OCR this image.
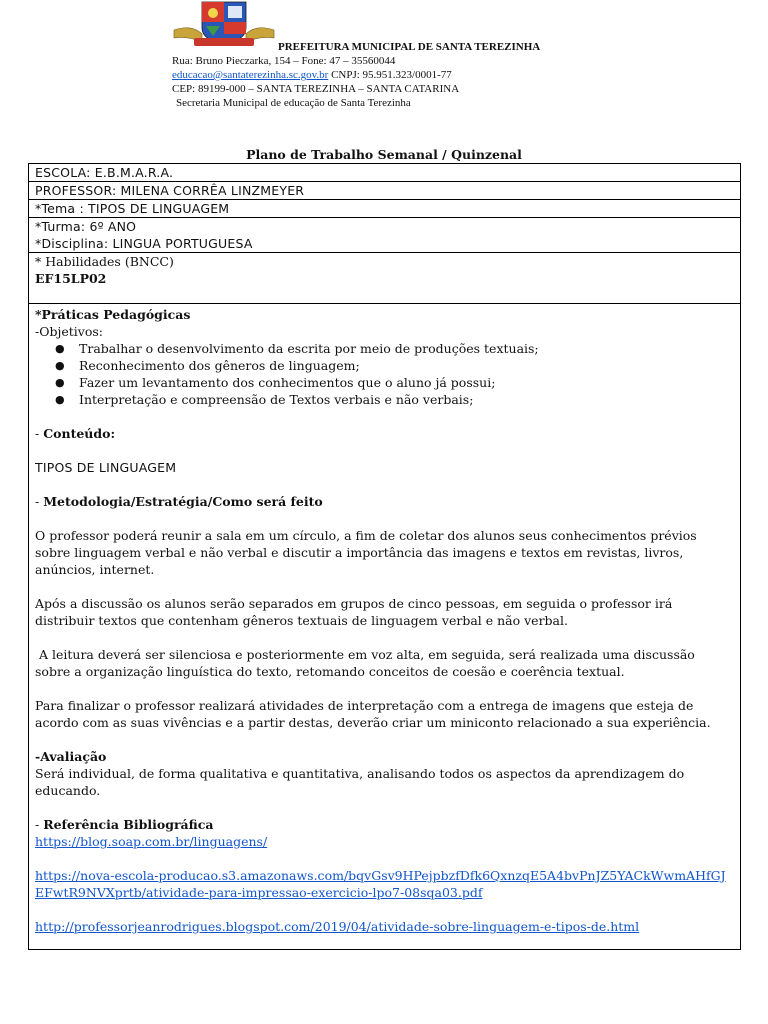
PREFEITURA MUNICIPAL DE SANTA TEREZINHA
Rua: Bruno Pieczarka, 154 – Fone: 47 – 35560044
educacao@santaterezinha.sc.gov.br CNPJ: 95.951.323/0001-77
CEP: 89199-000 – SANTA TEREZINHA – SANTA CATARINA
Secretaria Municipal de educação de Santa Terezinha
Plano de Trabalho Semanal / Quinzenal
ESCOLA: E.B.M.A.R.A.
PROFESSOR: MILENA CORRÊA LINZMEYER
*Tema : TIPOS DE LINGUAGEM

*Turma: 6º ANO
*Disciplina: LINGUA PORTUGUESA

* Habilidades (BNCC)
EF15LP02

*Práticas Pedagógicas
-Objetivos:
● Trabalhar o desenvolvimento da escrita por meio de produções textuais;
● Reconhecimento dos gêneros de linguagem;
● Fazer um levantamento dos conhecimentos que o aluno já possui;
● Interpretação e compreensão de Textos verbais e não verbais;
- Conteúdo:
TIPOS DE LINGUAGEM
- Metodologia/Estratégia/Como será feito
O professor poderá reunir a sala em um círculo, a fim de coletar dos alunos seus conhecimentos prévios sobre linguagem verbal e não verbal e discutir a importância das imagens e textos em revistas, livros, anúncios, internet.
Após a discussão os alunos serão separados em grupos de cinco pessoas, em seguida o professor irá distribuir textos que contenham gêneros textuais de linguagem verbal e não verbal.
A leitura deverá ser silenciosa e posteriormente em voz alta, em seguida, será realizada uma discussão sobre a organização linguística do texto, retomando conceitos de coesão e coerência textual.
Para finalizar o professor realizará atividades de interpretação com a entrega de imagens que esteja de acordo com as suas vivências e a partir destas, deverão criar um miniconto relacionado a sua experiência.
-Avaliação
Será individual, de forma qualitativa e quantitativa, analisando todos os aspectos da aprendizagem do educando.
- Referência Bibliográfica
https://blog.soap.com.br/linguagens/
https://nova-escola-producao.s3.amazonaws.com/bqvGsv9HPejpbzfDfk6QxnzqE5A4bvPnJZ5YACkWwmAHfGJEFwtR9NVXprtb/atividade-para-impressao-exercicio-lpo7-08sqa03.pdf
http://professorjeanrodrigues.blogspot.com/2019/04/atividade-sobre-linguagem-e-tipos-de.html
